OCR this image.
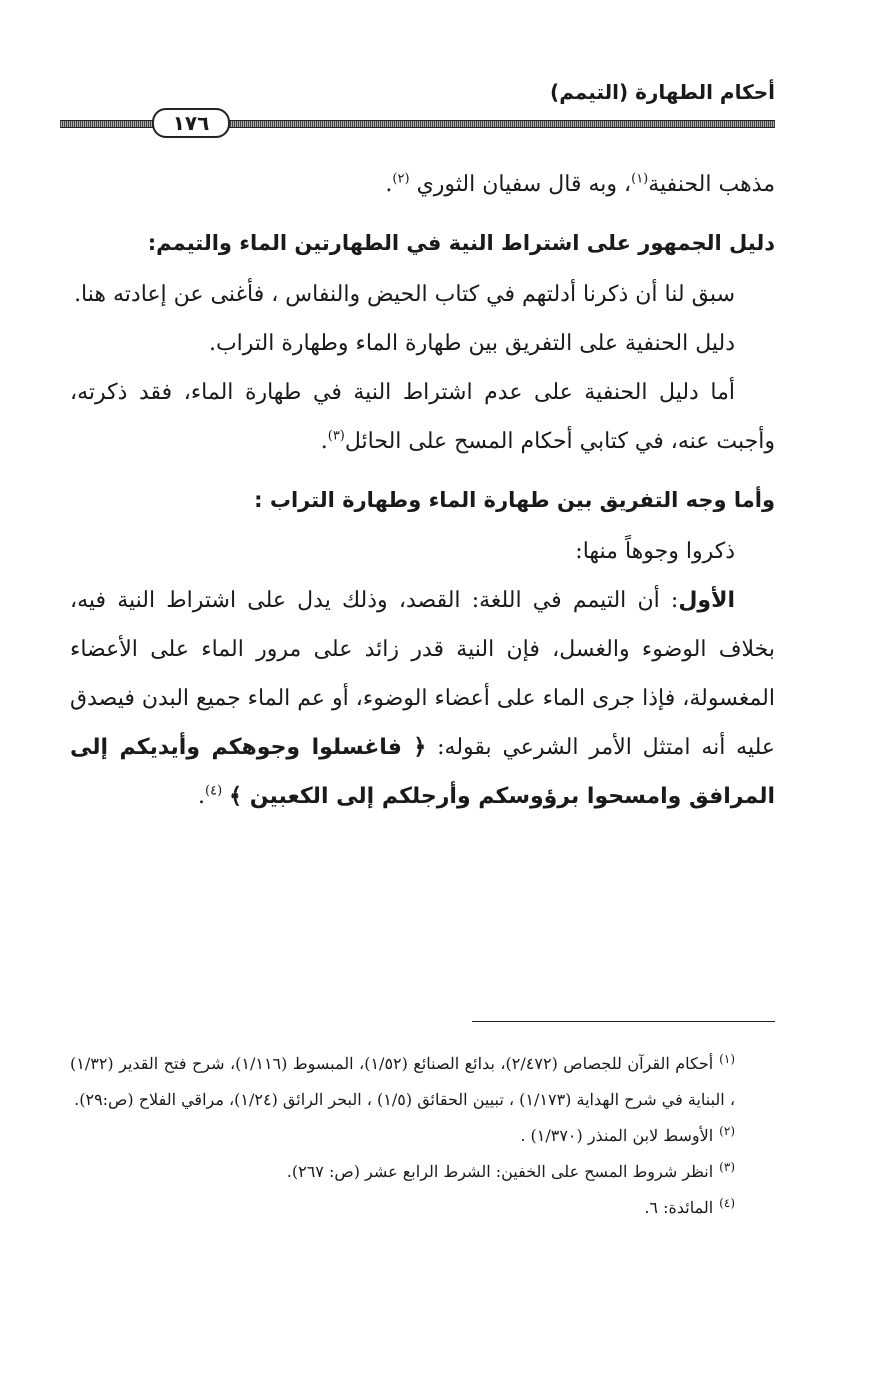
أحكام الطهارة (التيمم)
١٧٦

مذهب الحنفية$^{(١)}$، وبه قال سفيان الثوري $^{(٢)}$.

دليل الجمهور على اشتراط النية في الطهارتين الماء والتيمم:

سبق لنا أن ذكرنا أدلتهم في كتاب الحيض والنفاس ، فأغنى عن إعادته هنا.

دليل الحنفية على التفريق بين طهارة الماء وطهارة التراب.

أما دليل الحنفية على عدم اشتراط النية في طهارة الماء، فقد ذكرته، وأجبت عنه، في كتابي أحكام المسح على الحائل$^{(٣)}$.

وأما وجه التفريق بين طهارة الماء وطهارة التراب :

ذكروا وجوهاً منها:

الأول: أن التيمم في اللغة: القصد، وذلك يدل على اشتراط النية فيه، بخلاف الوضوء والغسل، فإن النية قدر زائد على مرور الماء على الأعضاء المغسولة، فإذا جرى الماء على أعضاء الوضوء، أو عم الماء جميع البدن فيصدق عليه أنه امتثل الأمر الشرعي بقوله: ﴿ فاغسلوا وجوهكم وأيديكم إلى المرافق وامسحوا برؤوسكم وأرجلكم إلى الكعبين ﴾ $^{(٤)}$.

$^{(١)}$أحكام القرآن للجصاص (٢/٤٧٢)، بدائع الصنائع (١/٥٢)، المبسوط (١/١١٦)، شرح فتح القدير (١/٣٢) ، البناية في شرح الهداية (١/١٧٣) ، تبيين الحقائق (١/٥) ، البحر الرائق (١/٢٤)، مراقي الفلاح (ص:٢٩).

$^{(٢)}$الأوسط لابن المنذر (١/٣٧٠) .

$^{(٣)}$انظر شروط المسح على الخفين: الشرط الرابع عشر (ص: ٢٦٧).

$^{(٤)}$المائدة: ٦.
